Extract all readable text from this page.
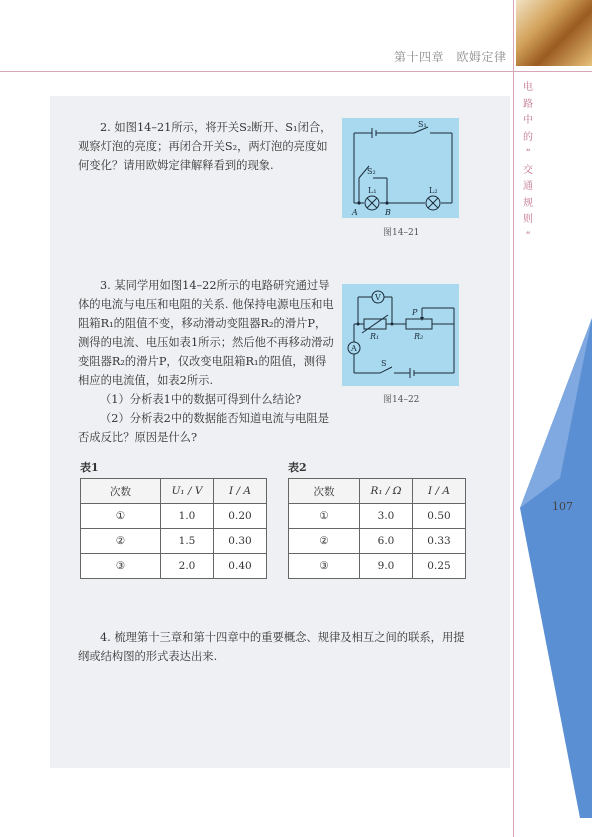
第十四章　欧姆定律
电
路
中
的
“
交
通
规
则
”
107
2. 如图14–21所示，将开关S₂断开、S₁闭合，观察灯泡的亮度；再闭合开关S₂，两灯泡的亮度如何变化？请用欧姆定律解释看到的现象.
S₁
S₂
L₁	L₂
A	B
图14–21
3. 某同学用如图14–22所示的电路研究通过导体的电流与电压和电阻的关系. 他保持电源电压和电阻箱R₁的阻值不变，移动滑动变阻器R₂的滑片P，测得的电流、电压如表1所示；然后他不再移动滑动变阻器R₂的滑片P，仅改变电阻箱R₁的阻值，测得相应的电流值，如表2所示.
（1）分析表1中的数据可得到什么结论?
（2）分析表2中的数据能否知道电流与电阻是否成反比？原因是什么?
V
A
P
R₁	R₂
S
图14–22
表1
次数	U₁ / V	I / A
①	1.0	0.20
②	1.5	0.30
③	2.0	0.40
表2
次数	R₁ / Ω	I / A
①	3.0	0.50
②	6.0	0.33
③	9.0	0.25
4. 梳理第十三章和第十四章中的重要概念、规律及相互之间的联系，用提纲或结构图的形式表达出来.
